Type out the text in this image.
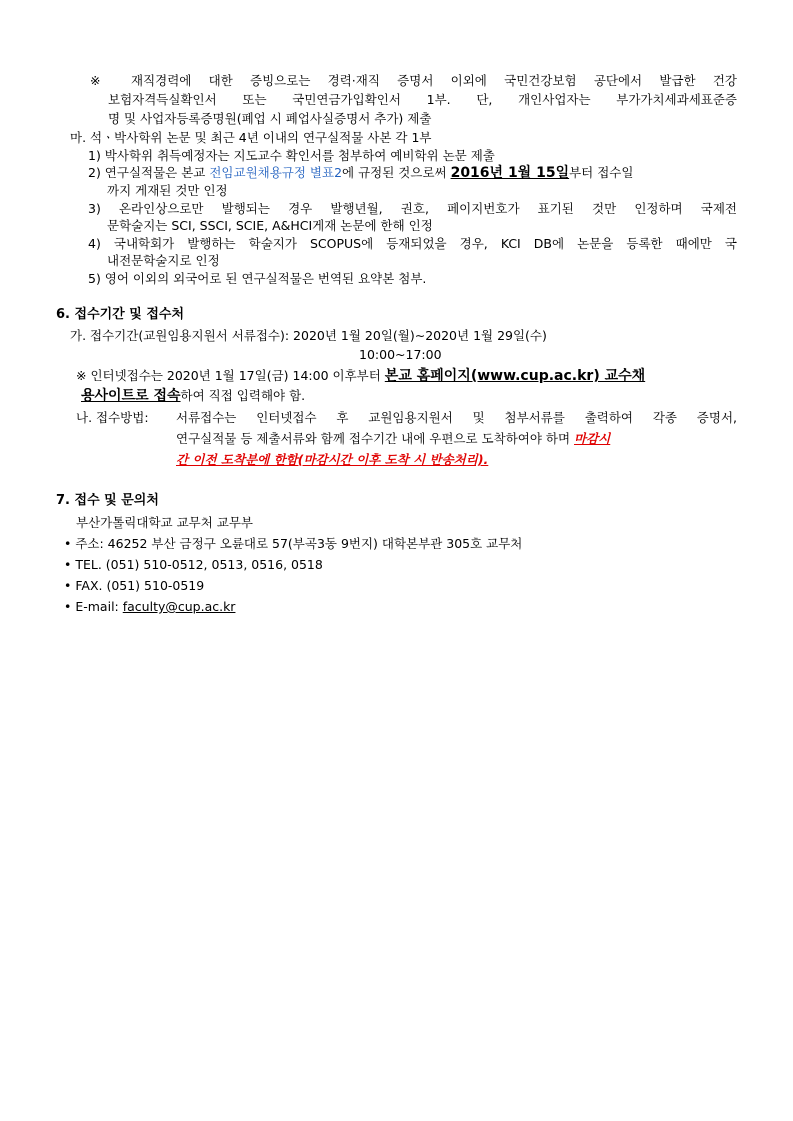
※ 재직경력에 대한 증빙으로는 경력·재직 증명서 이외에 국민건강보험 공단에서 발급한 건강
보험자격득실확인서 또는 국민연금가입확인서 1부. 단, 개인사업자는 부가가치세과세표준증
명 및 사업자등록증명원(폐업 시 폐업사실증명서 추가) 제출
마. 석ㆍ박사학위 논문 및 최근 4년 이내의 연구실적물 사본 각 1부
1) 박사학위 취득예정자는 지도교수 확인서를 첨부하여 예비학위 논문 제출
2) 연구실적물은 본교 전임교원채용규정 별표2에 규정된 것으로써 2016년 1월 15일부터 접수일
까지 게재된 것만 인정
3) 온라인상으로만 발행되는 경우 발행년월, 권호, 페이지번호가 표기된 것만 인정하며 국제전
문학술지는 SCI, SSCI, SCIE, A&HCI게재 논문에 한해 인정
4) 국내학회가 발행하는 학술지가 SCOPUS에 등재되었을 경우, KCI DB에 논문을 등록한 때에만 국
내전문학술지로 인정
5) 영어 이외의 외국어로 된 연구실적물은 번역된 요약본 첨부.
6. 접수기간 및 접수처
가. 접수기간(교원임용지원서 서류접수): 2020년 1월 20일(월)∼2020년 1월 29일(수)
10:00~17:00
※ 인터넷접수는 2020년 1월 17일(금) 14:00 이후부터 본교 홈페이지(www.cup.ac.kr) 교수채
용사이트로 접속하여 직접 입력해야 함.
나. 접수방법: 서류접수는 인터넷접수 후 교원임용지원서 및 첨부서류를 출력하여 각종 증명서,
연구실적물 등 제출서류와 함께 접수기간 내에 우편으로 도착하여야 하며 마감시
간 이전 도착분에 한함(마감시간 이후 도착 시 반송처리).
7. 접수 및 문의처
부산가톨릭대학교 교무처 교무부
• 주소: 46252 부산 금정구 오륜대로 57(부곡3동 9번지) 대학본부관 305호 교무처
• TEL. (051) 510-0512, 0513, 0516, 0518
• FAX. (051) 510-0519
• E-mail: faculty@cup.ac.kr
